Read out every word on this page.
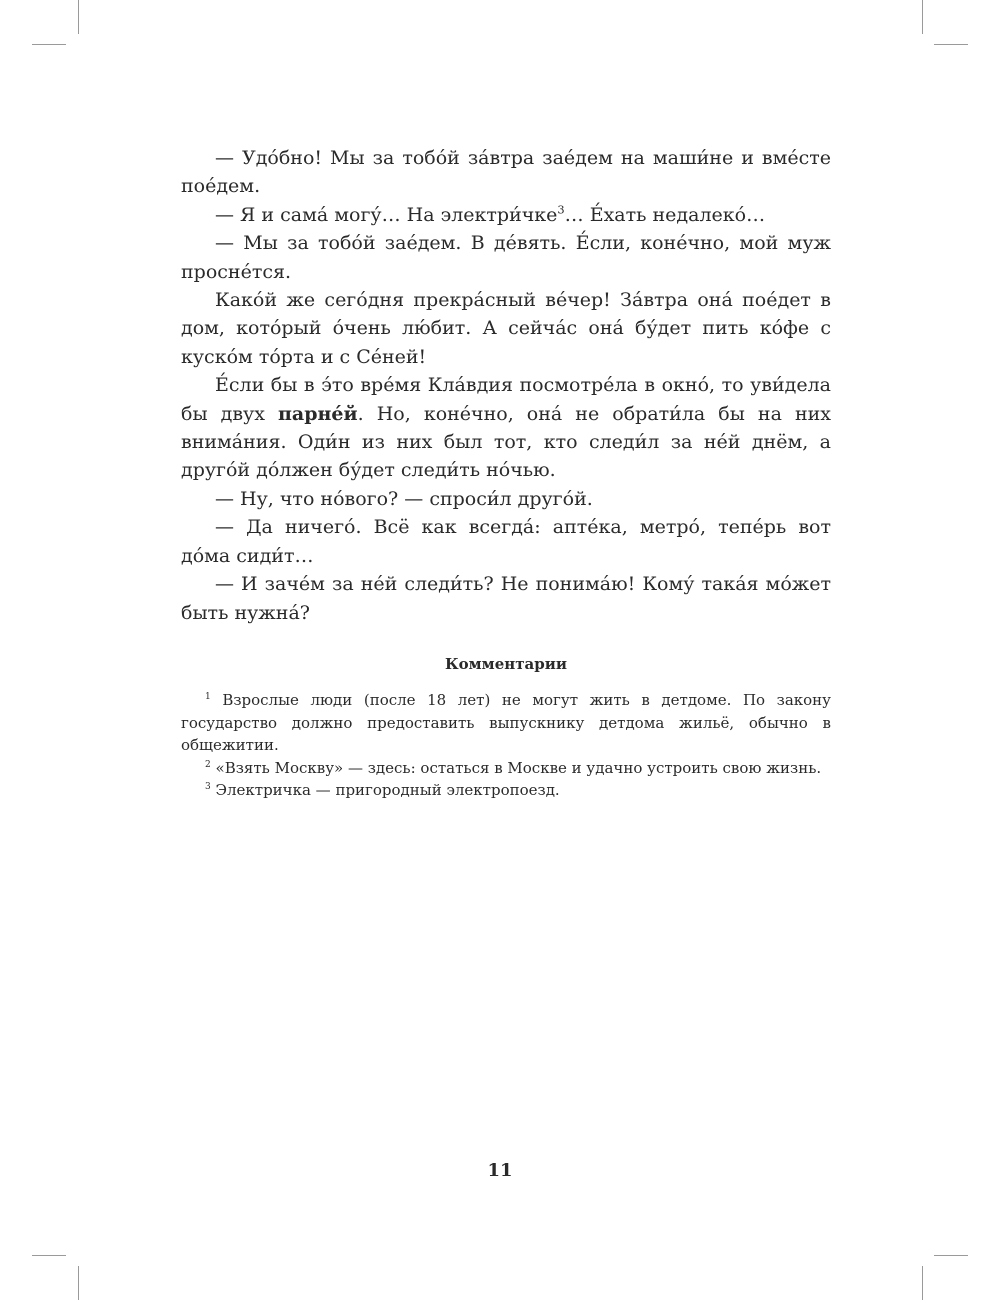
— Удо́бно! Мы за тобо́й за́втра зае́дем на маши́не и вме́сте пое́дем.

— Я и сама́ могу́… На электри́чке$^3$… Е́хать недалеко́…

— Мы за тобо́й зае́дем. В де́вять. Е́сли, коне́чно, мой муж просне́тся.

Како́й же сего́дня прекра́сный ве́чер! За́втра она́ пое́дет в дом, кото́рый о́чень лю́бит. А сейча́с она́ бу́дет пить ко́фе с куско́м то́рта и с Се́ней!

Е́сли бы в э́то вре́мя Кла́вдия посмотре́ла в окно́, то уви́дела бы двух парне́й. Но, коне́чно, она́ не обрати́ла бы на них внима́ния. Оди́н из них был тот, кто следи́л за не́й днём, а друго́й до́лжен бу́дет следи́ть но́чью.

— Ну, что но́вого? — спроси́л друго́й.

— Да ничего́. Всё как всегда́: апте́ка, метро́, тепе́рь вот до́ма сиди́т…

— И заче́м за не́й следи́ть? Не понима́ю! Кому́ така́я мо́жет быть нужна́?

Комментарии

$^1$ Взрослые люди (после 18 лет) не могут жить в детдоме. По закону государство должно предоставить выпускнику детдома жильё, обычно в общежитии.

$^2$ «Взять Москву» — здесь: остаться в Москве и удачно устроить свою жизнь.

$^3$ Электричка — пригородный электропоезд.

11
